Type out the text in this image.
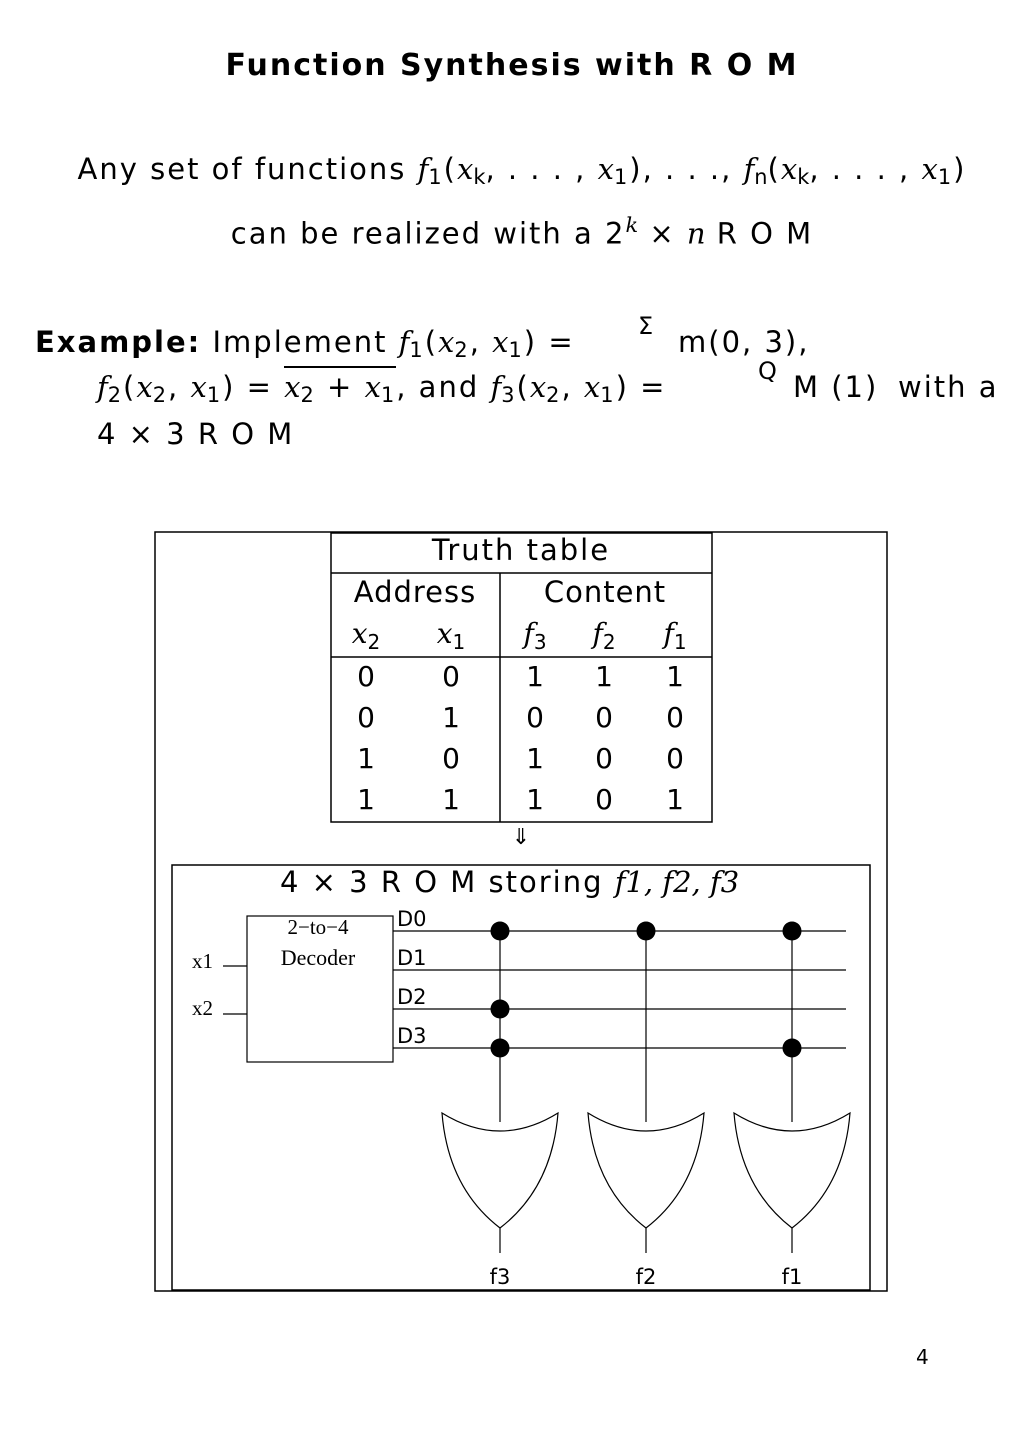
Function Synthesis with R O M
Any set of functions $f_1(x_k$, . . . , $x_1$), . . ., $f_n(x_k$, . . . , $x_1$)
can be realized with a $2^k \times n$ R O M
Σ
Q
Example: Implement $f_1(x_2$, $x_1$) =	m(0, 3),
$f_2(x_2$, $x_1) = x_2 + x_1$, and $f_3(x_2$, $x_1$) =	M (1) with a
4 × 3 R O M
Truth table
Address Content
$x_2$ $x_1$ $f_3$ $f_2$ $f_1$
0 0 1 1 1
0 1 0 0 0
1 0 1 0 0
1 1 1 0 1
⇓
4 × 3 R O M storing f1, f2, f3
2−to−4
Decoder
x1
x2
D0
D1
D2
D3
f3	f2	f1
4
